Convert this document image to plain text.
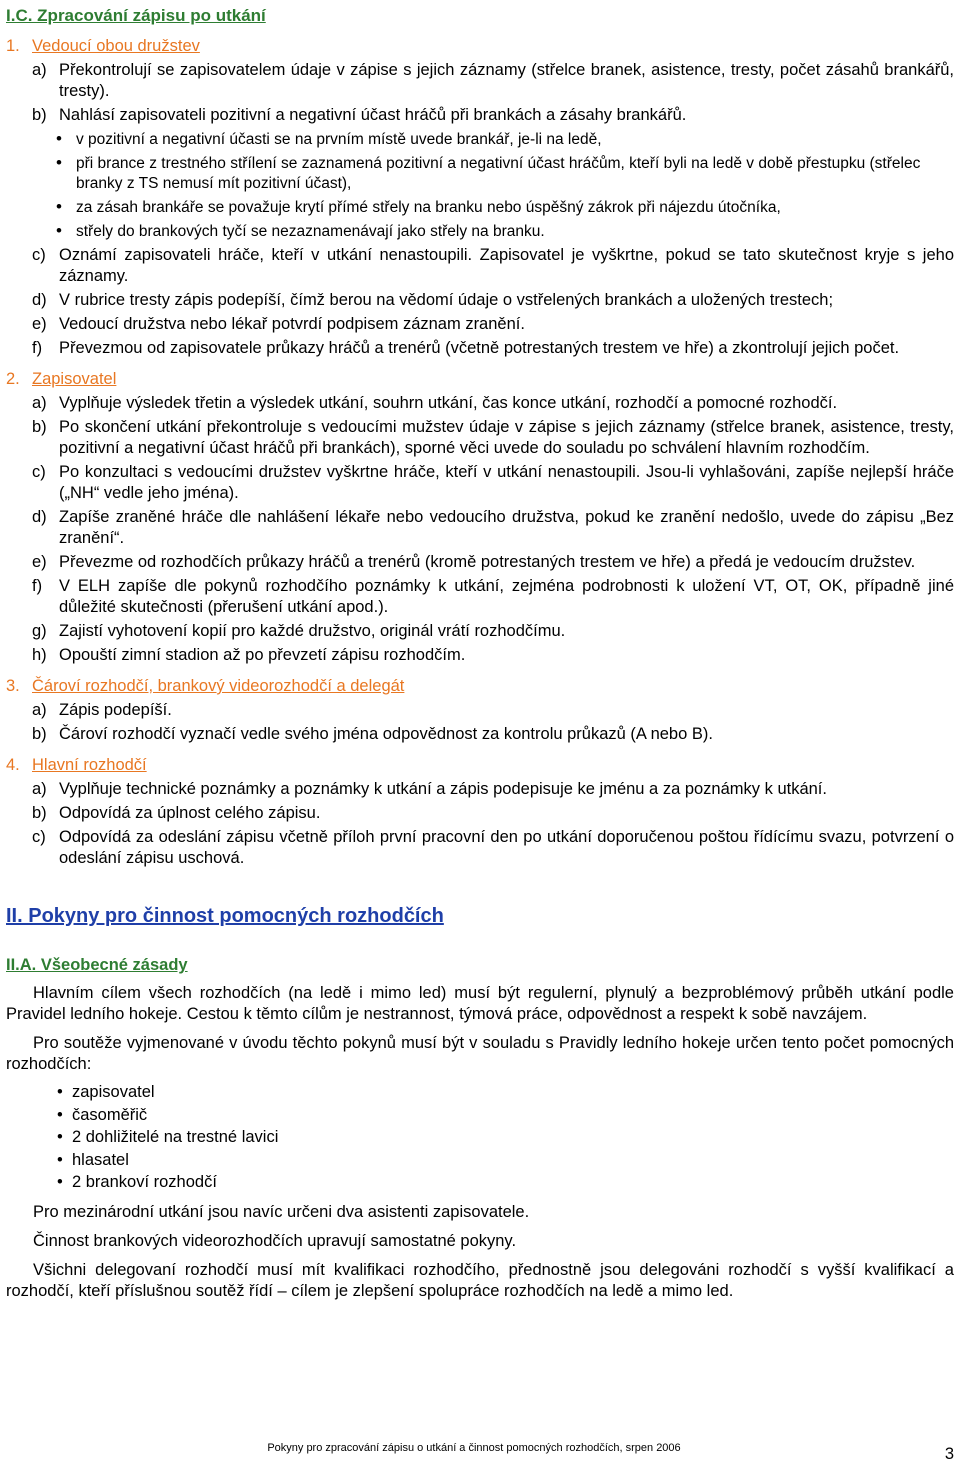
I.C. Zpracování zápisu po utkání
1. Vedoucí obou družstev
a) Překontrolují se zapisovatelem údaje v zápise s jejich záznamy (střelce branek, asistence, tresty, počet zásahů brankářů, tresty).
b) Nahlásí zapisovateli pozitivní a negativní účast hráčů při brankách a zásahy brankářů.
• v pozitivní a negativní účasti se na prvním místě uvede brankář, je-li na ledě,
• při brance z trestného střílení se zaznamená pozitivní a negativní účast hráčům, kteří byli na ledě v době přestupku (střelec branky z TS nemusí mít pozitivní účast),
• za zásah brankáře se považuje krytí přímé střely na branku nebo úspěšný zákrok při nájezdu útočníka,
• střely do brankových tyčí se nezaznamenávají jako střely na branku.
c) Oznámí zapisovateli hráče, kteří v utkání nenastoupili. Zapisovatel je vyškrtne, pokud se tato skutečnost kryje s jeho záznamy.
d) V rubrice tresty zápis podepíší, čímž berou na vědomí údaje o vstřelených brankách a uložených trestech;
e) Vedoucí družstva nebo lékař potvrdí podpisem záznam zranění.
f) Převezmou od zapisovatele průkazy hráčů a trenérů (včetně potrestaných trestem ve hře) a zkontrolují jejich počet.
2. Zapisovatel
a) Vyplňuje výsledek třetin a výsledek utkání, souhrn utkání, čas konce utkání, rozhodčí a pomocné rozhodčí.
b) Po skončení utkání překontroluje s vedoucími mužstev údaje v zápise s jejich záznamy (střelce branek, asistence, tresty, pozitivní a negativní účast hráčů při brankách), sporné věci uvede do souladu po schválení hlavním rozhodčím.
c) Po konzultaci s vedoucími družstev vyškrtne hráče, kteří v utkání nenastoupili. Jsou-li vyhlašováni, zapíše nejlepší hráče („NH“ vedle jeho jména).
d) Zapíše zraněné hráče dle nahlášení lékaře nebo vedoucího družstva, pokud ke zranění nedošlo, uvede do zápisu „Bez zranění“.
e) Převezme od rozhodčích průkazy hráčů a trenérů (kromě potrestaných trestem ve hře) a předá je vedoucím družstev.
f) V ELH zapíše dle pokynů rozhodčího poznámky k utkání, zejména podrobnosti k uložení VT, OT, OK, případně jiné důležité skutečnosti (přerušení utkání apod.).
g) Zajistí vyhotovení kopií pro každé družstvo, originál vrátí rozhodčímu.
h) Opouští zimní stadion až po převzetí zápisu rozhodčím.
3. Čároví rozhodčí, brankový videorozhodčí a delegát
a) Zápis podepíší.
b) Čároví rozhodčí vyznačí vedle svého jména odpovědnost za kontrolu průkazů (A nebo B).
4. Hlavní rozhodčí
a) Vyplňuje technické poznámky a poznámky k utkání a zápis podepisuje ke jménu a za poznámky k utkání.
b) Odpovídá za úplnost celého zápisu.
c) Odpovídá za odeslání zápisu včetně příloh první pracovní den po utkání doporučenou poštou řídícímu svazu, potvrzení o odeslání zápisu uschová.
II. Pokyny pro činnost pomocných rozhodčích
II.A. Všeobecné zásady
Hlavním cílem všech rozhodčích (na ledě i mimo led) musí být regulerní, plynulý a bezproblémový průběh utkání podle Pravidel ledního hokeje. Cestou k těmto cílům je nestrannost, týmová práce, odpovědnost a respekt k sobě navzájem.
Pro soutěže vyjmenované v úvodu těchto pokynů musí být v souladu s Pravidly ledního hokeje určen tento počet pomocných rozhodčích:
• zapisovatel
• časoměřič
• 2 dohližitelé na trestné lavici
• hlasatel
• 2 brankoví rozhodčí
Pro mezinárodní utkání jsou navíc určeni dva asistenti zapisovatele.
Činnost brankových videorozhodčích upravují samostatné pokyny.
Všichni delegovaní rozhodčí musí mít kvalifikaci rozhodčího, přednostně jsou delegováni rozhodčí s vyšší kvalifikací a rozhodčí, kteří příslušnou soutěž řídí – cílem je zlepšení spolupráce rozhodčích na ledě a mimo led.
Pokyny pro zpracování zápisu o utkání a činnost pomocných rozhodčích, srpen 2006	3
